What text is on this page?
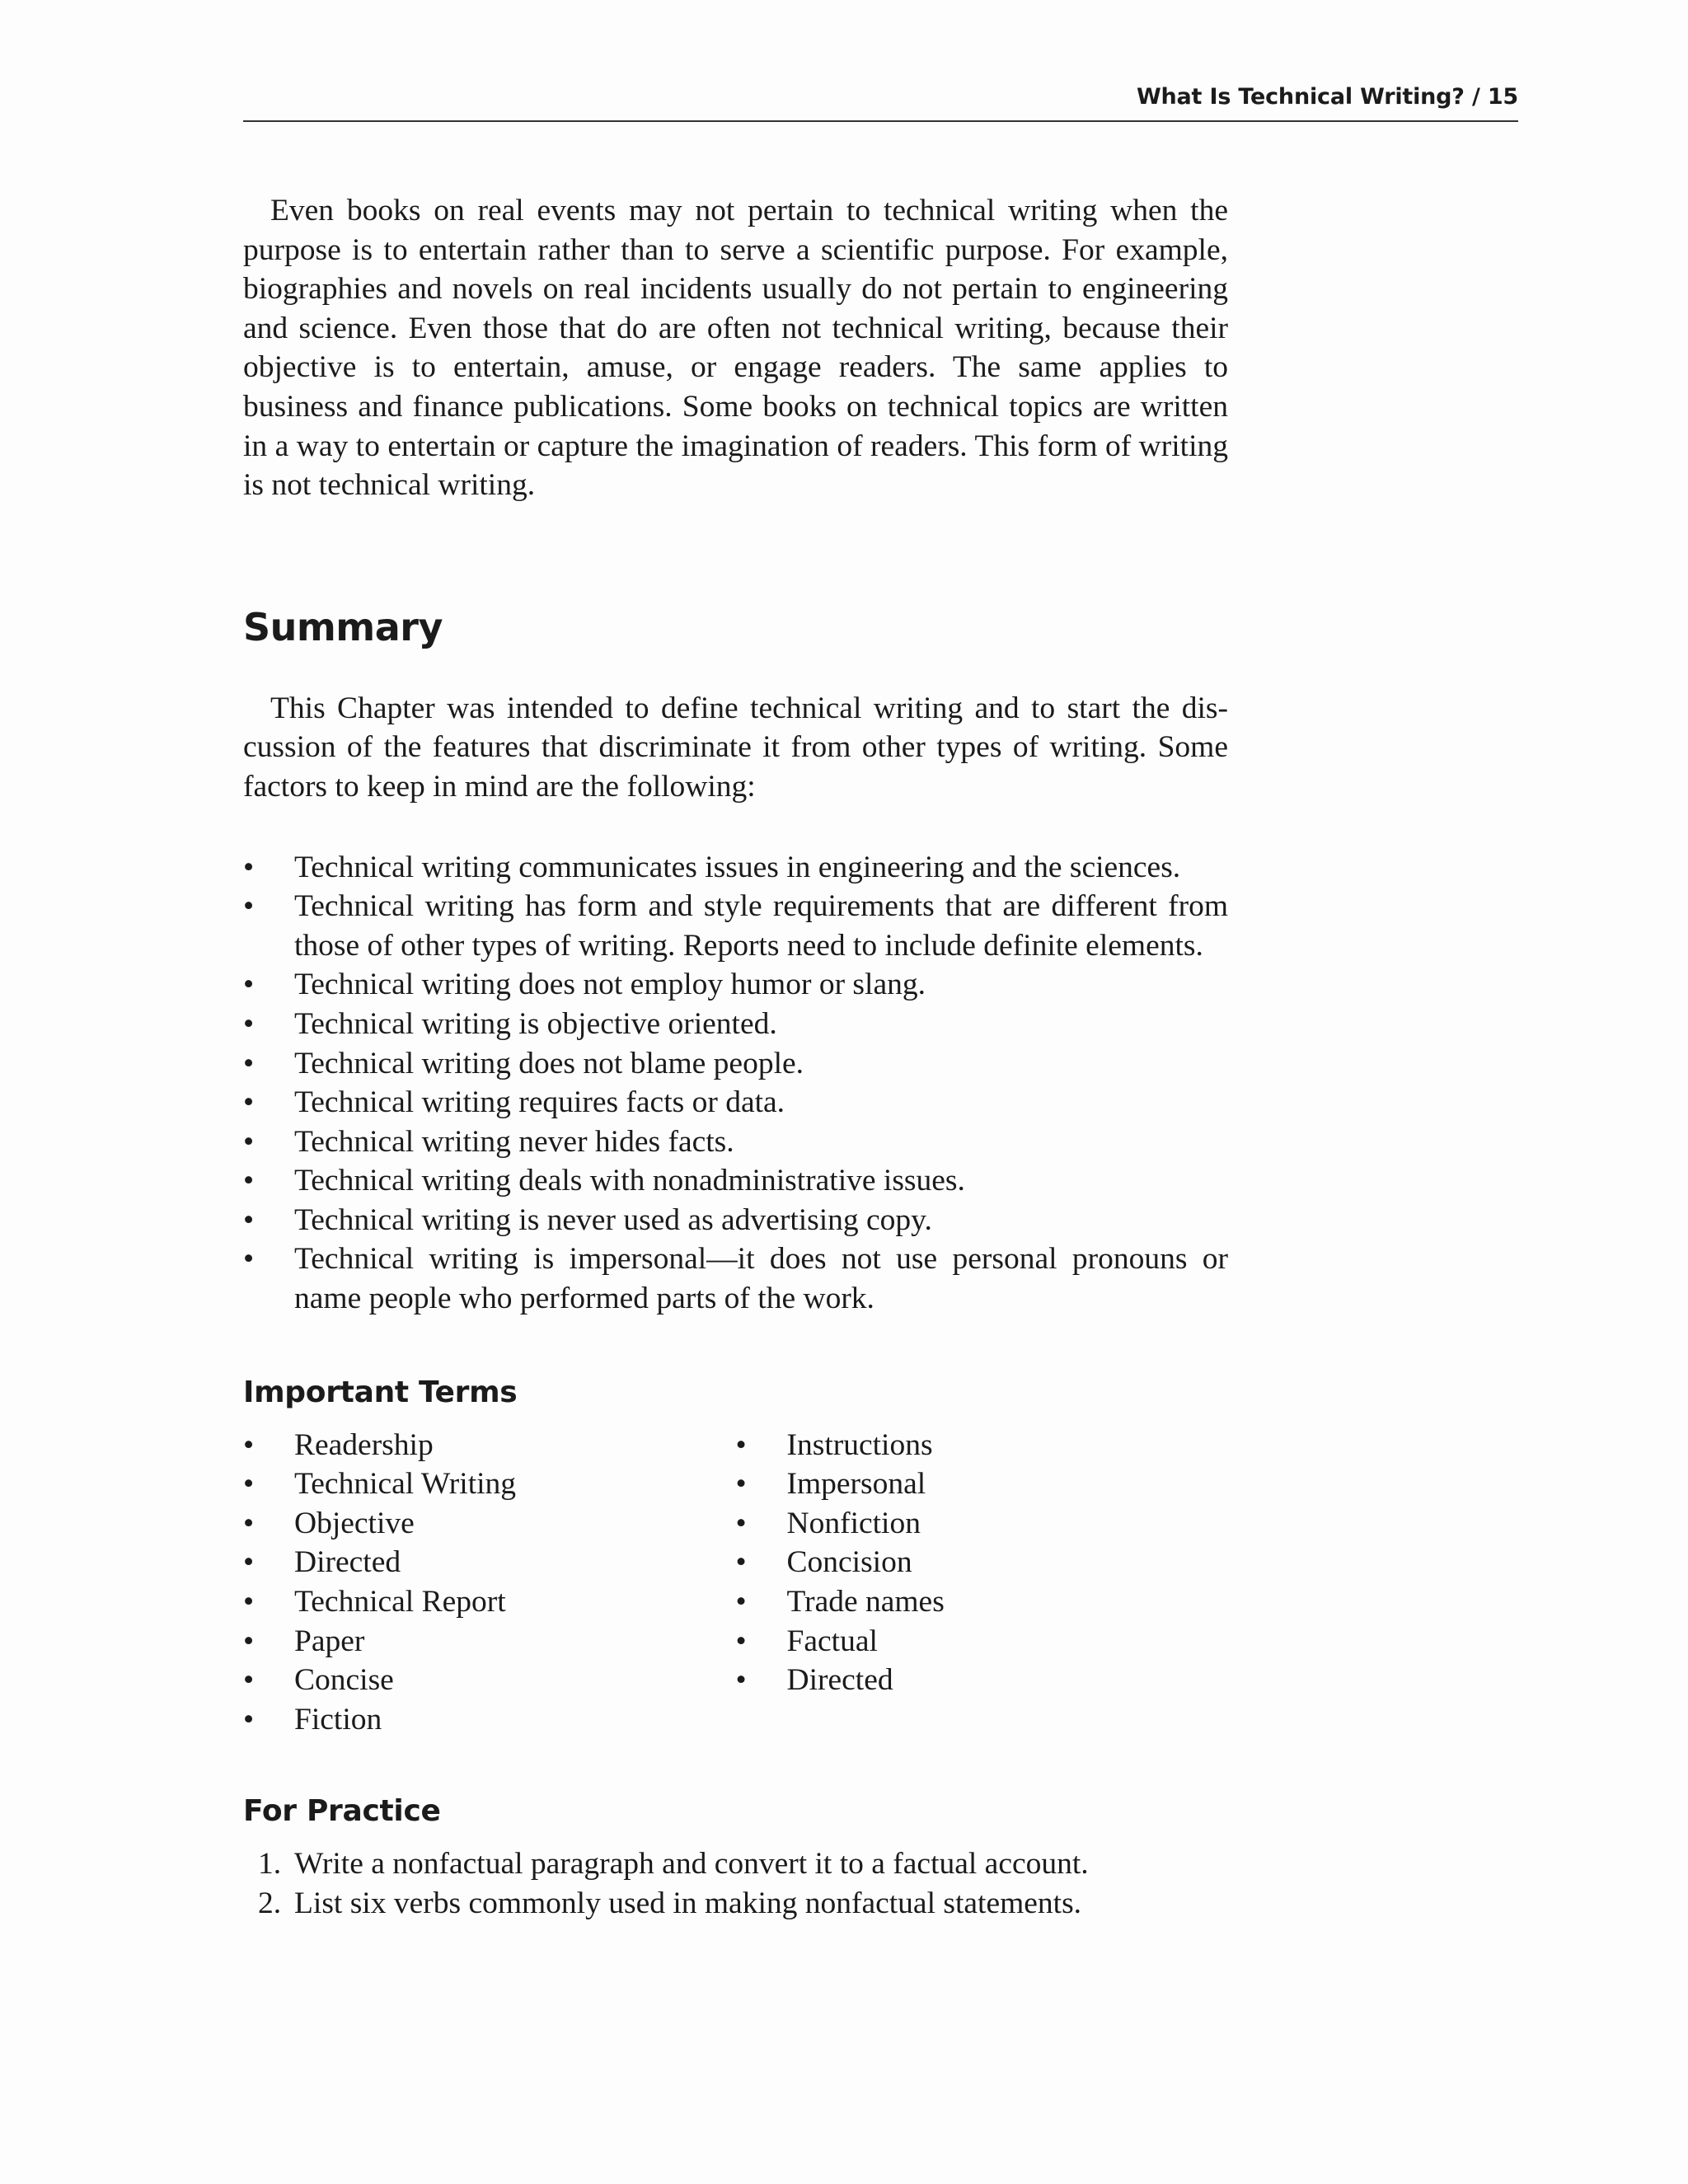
What Is Technical Writing? / 15

Even books on real events may not pertain to technical writing when the purpose is to entertain rather than to serve a scientific purpose. For example, biographies and novels on real incidents usually do not pertain to engineering and science. Even those that do are often not technical writing, because their objective is to entertain, amuse, or engage readers. The same applies to business and finance publications. Some books on technical topics are written in a way to entertain or capture the imagination of readers. This form of writing is not technical writing.

Summary

This Chapter was intended to define technical writing and to start the discussion of the features that discriminate it from other types of writing. Some factors to keep in mind are the following:

• Technical writing communicates issues in engineering and the sciences.
• Technical writing has form and style requirements that are different from those of other types of writing. Reports need to include definite elements.
• Technical writing does not employ humor or slang.
• Technical writing is objective oriented.
• Technical writing does not blame people.
• Technical writing requires facts or data.
• Technical writing never hides facts.
• Technical writing deals with nonadministrative issues.
• Technical writing is never used as advertising copy.
• Technical writing is impersonal—it does not use personal pronouns or name people who performed parts of the work.
Important Terms
• Readership
• Technical Writing
• Objective
• Directed
• Technical Report
• Paper
• Concise
• Fiction
• Instructions
• Impersonal
• Nonfiction
• Concision
• Trade names
• Factual
• Directed
For Practice
1. Write a nonfactual paragraph and convert it to a factual account.
2. List six verbs commonly used in making nonfactual statements.
